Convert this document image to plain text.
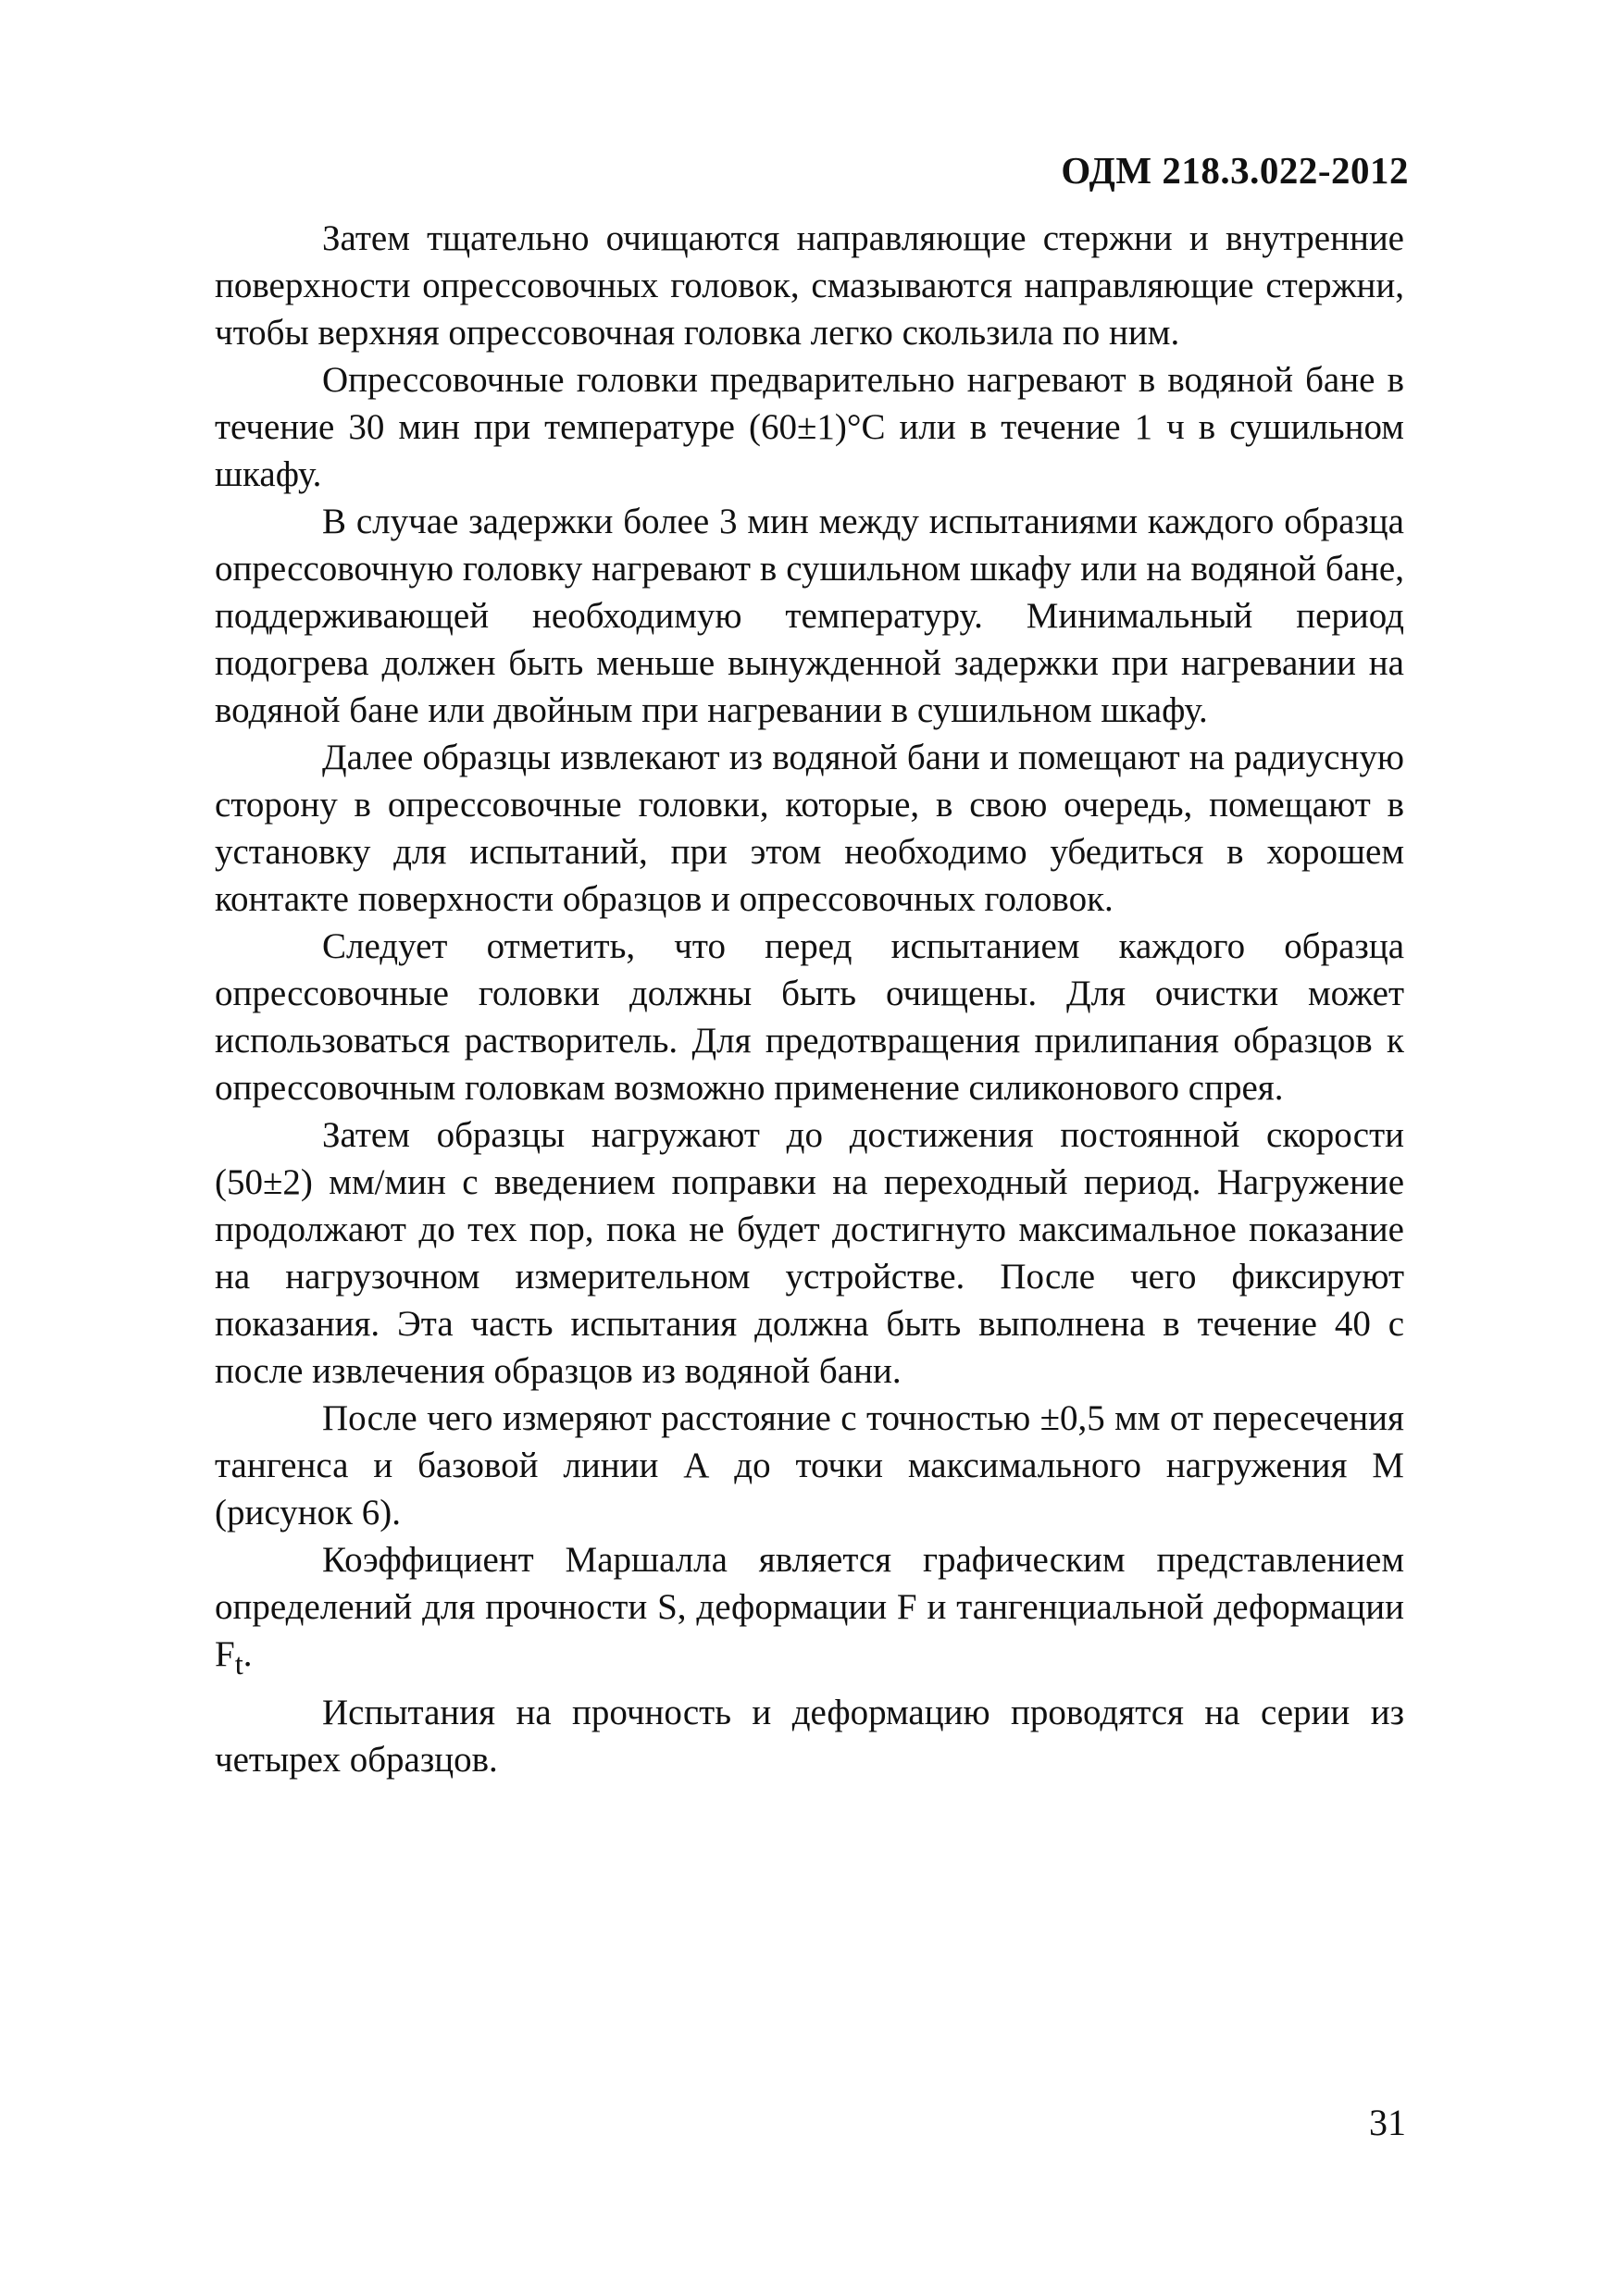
ОДМ 218.3.022-2012

Затем тщательно очищаются направляющие стержни и внутренние поверхности опрессовочных головок, смазываются направляющие стержни, чтобы верхняя опрессовочная головка легко скользила по ним.

Опрессовочные головки предварительно нагревают в водяной бане в течение 30 мин при температуре (60±1)°С или в течение 1 ч в сушильном шкафу.

В случае задержки более 3 мин между испытаниями каждого образца опрессовочную головку нагревают в сушильном шкафу или на водяной бане, поддерживающей необходимую температуру. Минимальный период подогрева должен быть меньше вынужденной задержки при нагревании на водяной бане или двойным при нагревании в сушильном шкафу.

Далее образцы извлекают из водяной бани и помещают на радиусную сторону в опрессовочные головки, которые, в свою очередь, помещают в установку для испытаний, при этом необходимо убедиться в хорошем контакте поверхности образцов и опрессовочных головок.

Следует отметить, что перед испытанием каждого образца опрессовочные головки должны быть очищены. Для очистки может использоваться растворитель. Для предотвращения прилипания образцов к опрессовочным головкам возможно применение силиконового спрея.

Затем образцы нагружают до достижения постоянной скорости (50±2) мм/мин с введением поправки на переходный период. Нагружение продолжают до тех пор, пока не будет достигнуто максимальное показание на нагрузочном измерительном устройстве. После чего фиксируют показания. Эта часть испытания должна быть выполнена в течение 40 с после извлечения образцов из водяной бани.

После чего измеряют расстояние с точностью ±0,5 мм от пересечения тангенса и базовой линии А до точки максимального нагружения М (рисунок 6).

Коэффициент Маршалла является графическим представлением определений для прочности S, деформации F и тангенциальной деформации $F_t$.

Испытания на прочность и деформацию проводятся на серии из четырех образцов.

31
